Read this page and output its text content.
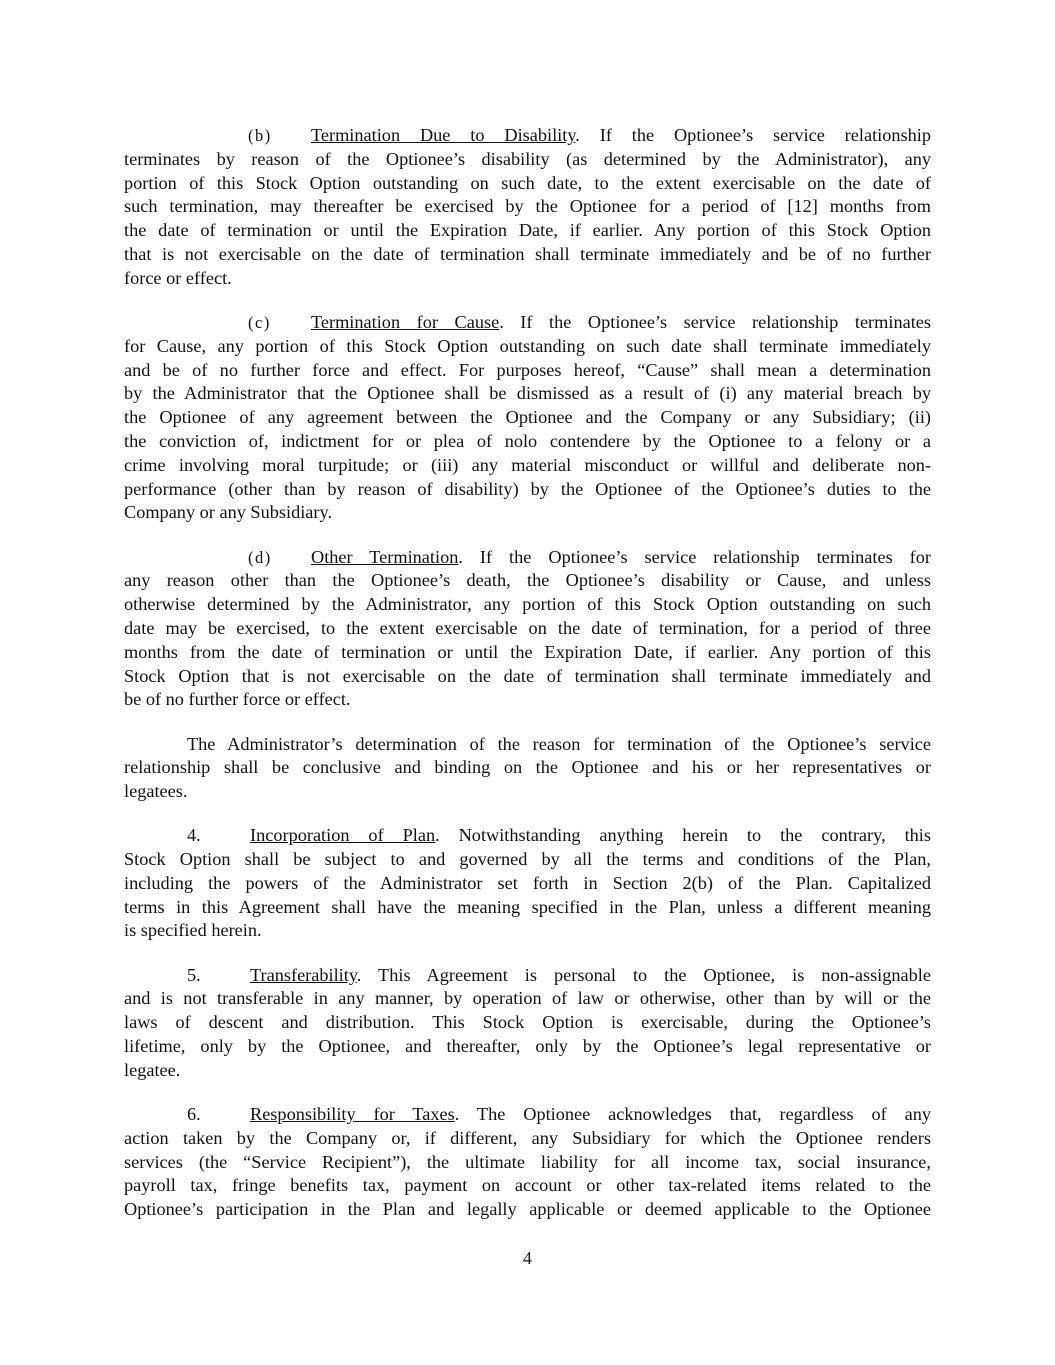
(b) Termination Due to Disability. If the Optionee’s service relationship
terminates by reason of the Optionee’s disability (as determined by the Administrator), any
portion of this Stock Option outstanding on such date, to the extent exercisable on the date of
such termination, may thereafter be exercised by the Optionee for a period of [12] months from
the date of termination or until the Expiration Date, if earlier. Any portion of this Stock Option
that is not exercisable on the date of termination shall terminate immediately and be of no further
force or effect.
(c) Termination for Cause. If the Optionee’s service relationship terminates
for Cause, any portion of this Stock Option outstanding on such date shall terminate immediately
and be of no further force and effect. For purposes hereof, “Cause” shall mean a determination
by the Administrator that the Optionee shall be dismissed as a result of (i) any material breach by
the Optionee of any agreement between the Optionee and the Company or any Subsidiary; (ii)
the conviction of, indictment for or plea of nolo contendere by the Optionee to a felony or a
crime involving moral turpitude; or (iii) any material misconduct or willful and deliberate non-
performance (other than by reason of disability) by the Optionee of the Optionee’s duties to the
Company or any Subsidiary.
(d) Other Termination. If the Optionee’s service relationship terminates for
any reason other than the Optionee’s death, the Optionee’s disability or Cause, and unless
otherwise determined by the Administrator, any portion of this Stock Option outstanding on such
date may be exercised, to the extent exercisable on the date of termination, for a period of three
months from the date of termination or until the Expiration Date, if earlier. Any portion of this
Stock Option that is not exercisable on the date of termination shall terminate immediately and
be of no further force or effect.
The Administrator’s determination of the reason for termination of the Optionee’s service
relationship shall be conclusive and binding on the Optionee and his or her representatives or
legatees.
4.	Incorporation of Plan. Notwithstanding anything herein to the contrary, this
Stock Option shall be subject to and governed by all the terms and conditions of the Plan,
including the powers of the Administrator set forth in Section 2(b) of the Plan. Capitalized
terms in this Agreement shall have the meaning specified in the Plan, unless a different meaning
is specified herein.
5.	Transferability. This Agreement is personal to the Optionee, is non-assignable
and is not transferable in any manner, by operation of law or otherwise, other than by will or the
laws of descent and distribution. This Stock Option is exercisable, during the Optionee’s
lifetime, only by the Optionee, and thereafter, only by the Optionee’s legal representative or
legatee.
6.	Responsibility for Taxes. The Optionee acknowledges that, regardless of any
action taken by the Company or, if different, any Subsidiary for which the Optionee renders
services (the “Service Recipient”), the ultimate liability for all income tax, social insurance,
payroll tax, fringe benefits tax, payment on account or other tax-related items related to the
Optionee’s participation in the Plan and legally applicable or deemed applicable to the Optionee
4
